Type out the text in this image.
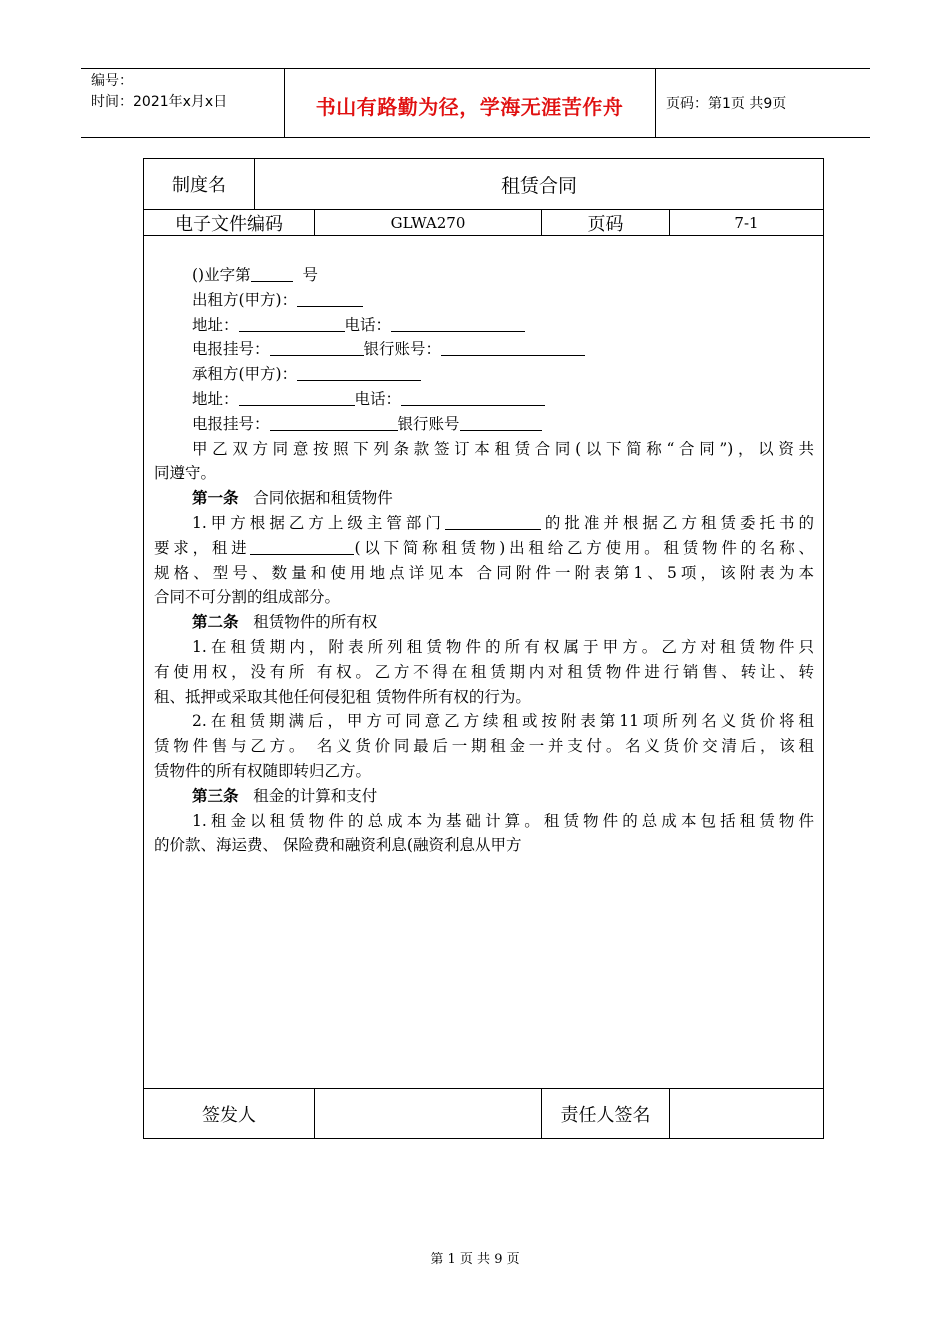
编号：
时间：2021年x月x日	书山有路勤为径，学海无涯苦作舟	页码：第1页 共9页
制度名	租赁合同
电子文件编码	GLWA270	页码	7-1
()业字第	号
出租方(甲方)：
地址：	电话：
电报挂号：	银行账号：
承租方(甲方)：
地址：	电话：
电报挂号：	银行账号
甲乙双方同意按照下列条款签订本租赁合同(以下简称“合同”)，以资共
同遵守。
第一条 合同依据和租赁物件
1.甲方根据乙方上级主管部门	的批准并根据乙方租赁委托书的
要求，租进	(以下简称租赁物)出租给乙方使用。租赁物件的名称、
规格、型号、数量和使用地点详见本 合同附件一附表第1、5项，该附表为本
合同不可分割的组成部分。
第二条 租赁物件的所有权
1.在租赁期内，附表所列租赁物件的所有权属于甲方。乙方对租赁物件只
有使用权，没有所 有权。乙方不得在租赁期内对租赁物件进行销售、转让、转
租、抵押或采取其他任何侵犯租 赁物件所有权的行为。
2.在租赁期满后，甲方可同意乙方续租或按附表第11项所列名义货价将租
赁物件售与乙方。 名义货价同最后一期租金一并支付。名义货价交清后，该租
赁物件的所有权随即转归乙方。
第三条 租金的计算和支付
1.租金以租赁物件的总成本为基础计算。租赁物件的总成本包括租赁物件
的价款、海运费、 保险费和融资利息(融资利息从甲方
签发人	责任人签名
第 1 页 共 9 页
